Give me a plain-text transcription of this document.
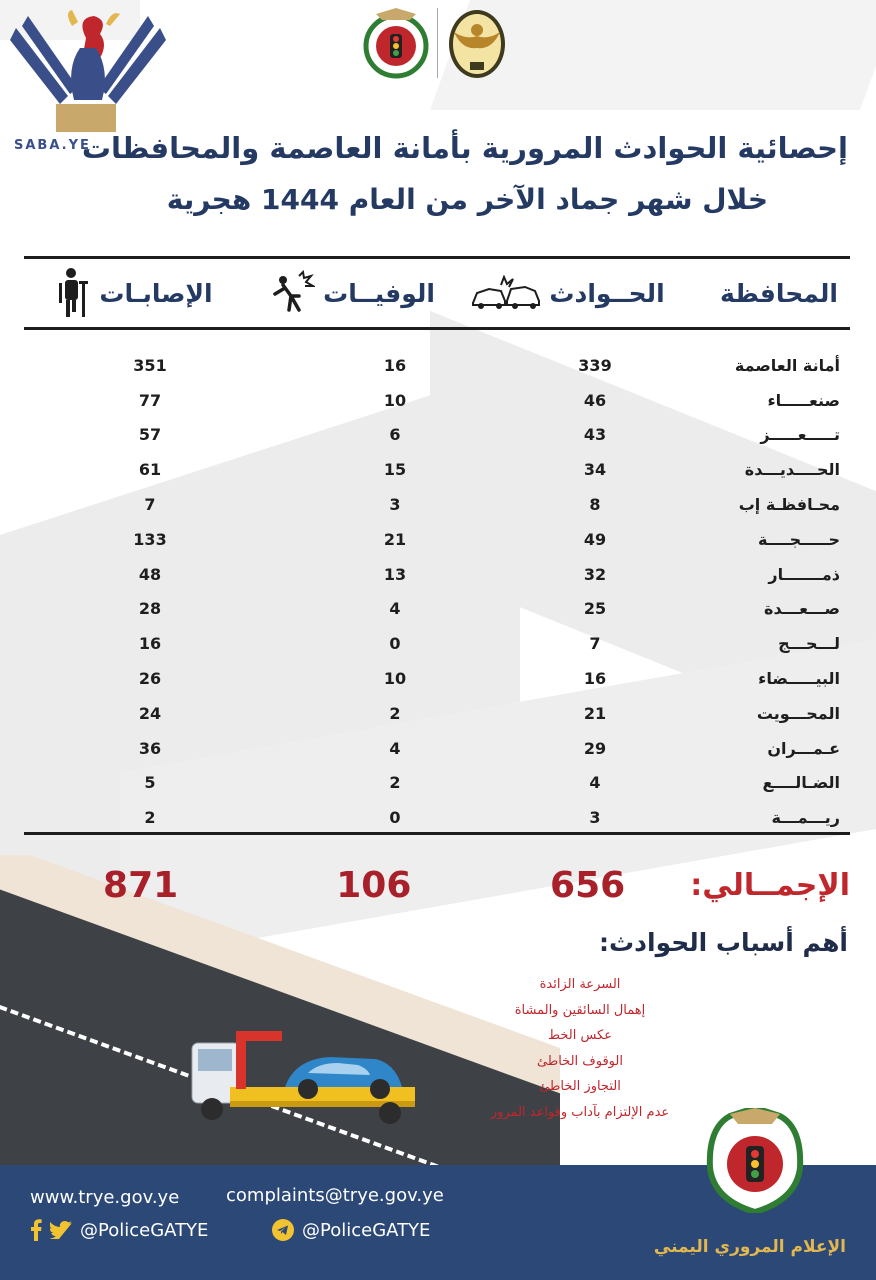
SABA.YE
إحصائية الحوادث المرورية بأمانة العاصمة والمحافظات
خلال شهر جماد الآخر من العام 1444 هجرية
المحافظة
الحــوادث
الوفيــات
الإصابـات
أمانة العاصمة
339
16
351
صنعـــــاء
46
10
77
تـــــعـــــز
43
6
57
الحــــديـــدة
34
15
61
محـافظـة إب
8
3
7
حـــــجــــة
49
21
133
ذمـــــــار
32
13
48
صـــعـــدة
25
4
28
لـــحـــج
7
0
16
البيـــــضاء
16
10
26
المحـــويت
21
2
24
عـمـــران
29
4
36
الضـالــــع
4
2
5
ريـــمـــة
3
0
2
الإجمــالي:
656
106
871
أهم أسباب الحوادث:
السرعة الزائدة
إهمال السائقين والمشاة
عكس الخط
الوقوف الخاطئ
التجاوز الخاطئ
عدم الإلتزام بآداب وقواعد المرور
www.trye.gov.ye	complaints@trye.gov.ye
@PoliceGATYE	@PoliceGATYE
الإعلام المروري اليمني
